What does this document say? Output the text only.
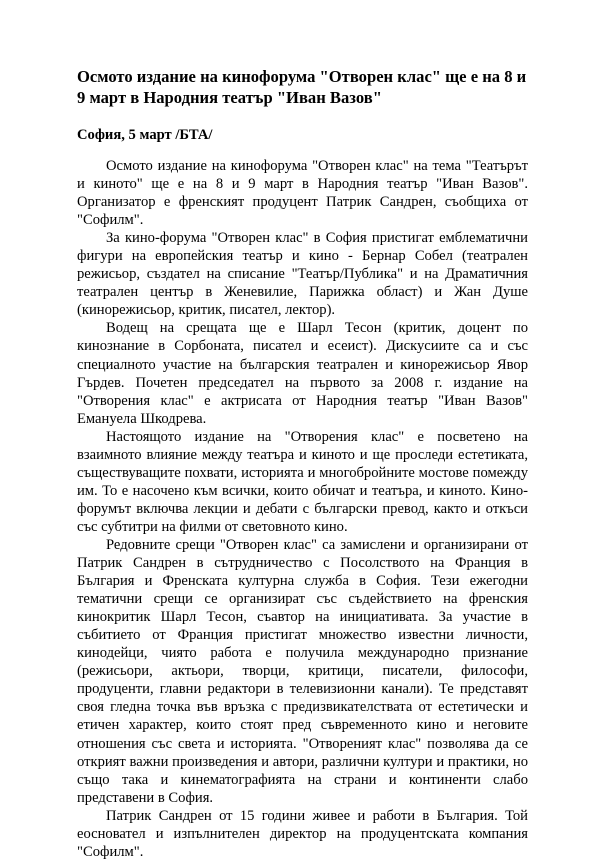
Осмото издание на кинофорума "Отворен клас" ще е на 8 и 9 март в Народния театър "Иван Вазов"

София, 5 март /БТА/

Осмото издание на кинофорума "Отворен клас" на тема "Театърът и киното" ще е на 8 и 9 март в Народния театър "Иван Вазов". Организатор е френският продуцент Патрик Сандрен, съобщиха от "Софилм".

За кино-форума "Отворен клас" в София пристигат емблематични фигури на европейския театър и кино - Бернар Собел (театрален режисьор, създател на списание "Театър/Публика" и на Драматичния театрален център в Женевилие, Парижка област) и Жан Душе (кинорежисьор, критик, писател, лектор).

Водещ на срещата ще е Шарл Тесон (критик, доцент по кинознание в Сорбоната, писател и есеист). Дискусиите са и със специалното участие на българския театрален и кинорежисьор Явор Гърдев. Почетен председател на първото за 2008 г. издание на "Отворения клас" е актрисата от Народния театър "Иван Вазов" Емануела Шкодрева.

Настоящото издание на "Отворения клас" е посветено на взаимното влияние между театъра и киното и ще проследи естетиката, съществуващите похвати, историята и многобройните мостове помежду им. То е насочено към всички, които обичат и театъра, и киното. Кино-форумът включва лекции и дебати с български превод, както и откъси със субтитри на филми от световното кино.

Редовните срещи "Отворен клас" са замислени и организирани от Патрик Сандрен в сътрудничество с Посолството на Франция в България и Френската културна служба в София. Тези ежегодни тематични срещи се организират със съдействието на френския кинокритик Шарл Тесон, съавтор на инициативата. За участие в събитието от Франция пристигат множество известни личности, кинодейци, чиято работа е получила международно признание (режисьори, актьори, творци, критици, писатели, философи, продуценти, главни редактори в телевизионни канали). Те представят своя гледна точка във връзка с предизвикателствата от естетически и етичен характер, които стоят пред съвременното кино и неговите отношения със света и историята. "Отвореният клас" позволява да се открият важни произведения и автори, различни култури и практики, но също така и кинематографията на страни и континенти слабо представени в София.

Патрик Сандрен от 15 години живее и работи в България. Той еосновател и изпълнителен директор на продуцентската компания "Софилм".
